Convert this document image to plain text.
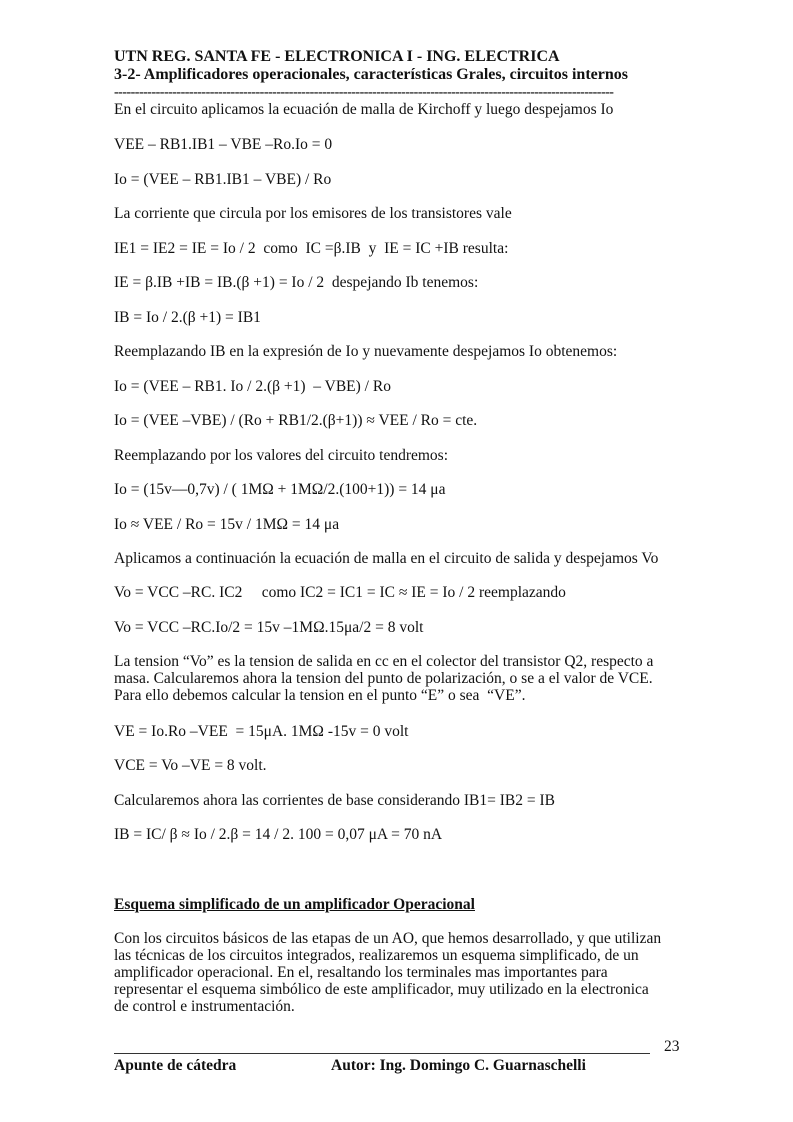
UTN REG. SANTA FE - ELECTRONICA I - ING. ELECTRICA
3-2- Amplificadores operacionales, características Grales, circuitos internos
------------------------------------------------------------------------------------------------------------------------
En el circuito aplicamos la ecuación de malla de Kirchoff y luego despejamos Io
VEE – RB1.IB1 – VBE –Ro.Io = 0
Io = (VEE – RB1.IB1 – VBE) / Ro
La corriente que circula por los emisores de los transistores vale
IE1 = IE2 = IE = Io / 2  como  IC =β.IB  y  IE = IC +IB resulta:
IE = β.IB +IB = IB.(β +1) = Io / 2  despejando Ib tenemos:
IB = Io / 2.(β +1) = IB1
Reemplazando IB en la expresión de Io y nuevamente despejamos Io obtenemos:
Io = (VEE – RB1. Io / 2.(β +1)  – VBE) / Ro
Io = (VEE –VBE) / (Ro + RB1/2.(β+1)) ≈ VEE / Ro = cte.
Reemplazando por los valores del circuito tendremos:
Io = (15v—0,7v) / ( 1MΩ + 1MΩ/2.(100+1)) = 14 μa
Io ≈ VEE / Ro = 15v / 1MΩ = 14 μa
Aplicamos a continuación la ecuación de malla en el circuito de salida y despejamos Vo
Vo = VCC –RC. IC2     como IC2 = IC1 = IC ≈ IE = Io / 2 reemplazando
Vo = VCC –RC.Io/2 = 15v –1MΩ.15μa/2 = 8 volt
La tension “Vo” es la tension de salida en cc en el colector del transistor Q2, respecto a
masa. Calcularemos ahora la tension del punto de polarización, o se a el valor de VCE.
Para ello debemos calcular la tension en el punto “E” o sea  “VE”.
VE = Io.Ro –VEE  = 15μA. 1MΩ -15v = 0 volt
VCE = Vo –VE = 8 volt.
Calcularemos ahora las corrientes de base considerando IB1= IB2 = IB
IB = IC/ β ≈ Io / 2.β = 14 / 2. 100 = 0,07 μA = 70 nA
Esquema simplificado de un amplificador Operacional
Con los circuitos básicos de las etapas de un AO, que hemos desarrollado, y que utilizan
las técnicas de los circuitos integrados, realizaremos un esquema simplificado, de un
amplificador operacional. En el, resaltando los terminales mas importantes para
representar el esquema simbólico de este amplificador, muy utilizado en la electronica
de control e instrumentación.
23
Apunte de cátedra	Autor: Ing. Domingo C. Guarnaschelli
